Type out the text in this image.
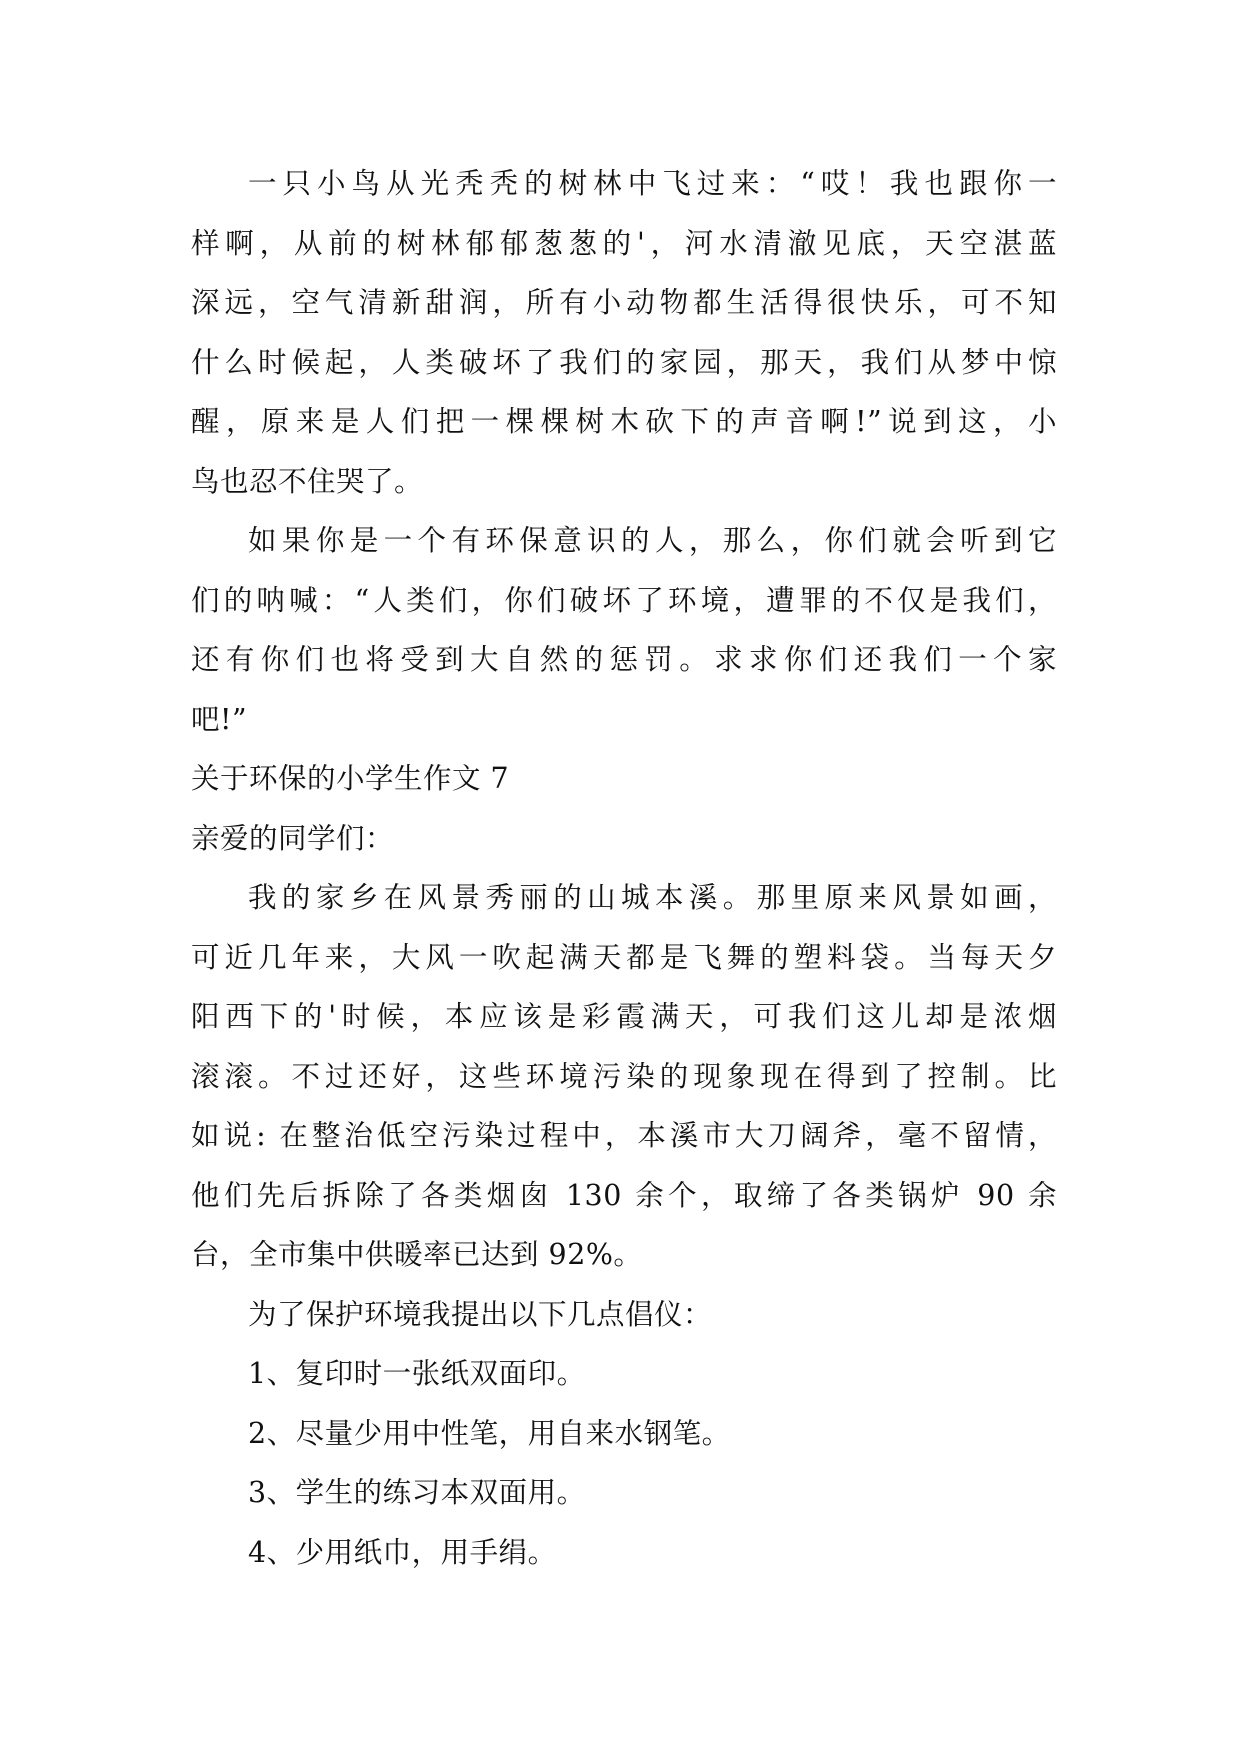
一只小鸟从光秃秃的树林中飞过来：“哎！我也跟你一
样啊，从前的树林郁郁葱葱的'，河水清澈见底，天空湛蓝
深远，空气清新甜润，所有小动物都生活得很快乐，可不知
什么时候起，人类破坏了我们的家园，那天，我们从梦中惊
醒，原来是人们把一棵棵树木砍下的声音啊!”说到这，小
鸟也忍不住哭了。
如果你是一个有环保意识的人，那么，你们就会听到它
们的呐喊：“人类们，你们破坏了环境，遭罪的不仅是我们，
还有你们也将受到大自然的惩罚。求求你们还我们一个家
吧!”
关于环保的小学生作文 7
亲爱的同学们：
我的家乡在风景秀丽的山城本溪。那里原来风景如画，
可近几年来，大风一吹起满天都是飞舞的塑料袋。当每天夕
阳西下的'时候，本应该是彩霞满天，可我们这儿却是浓烟
滚滚。不过还好，这些环境污染的现象现在得到了控制。比
如说: 在整治低空污染过程中，本溪市大刀阔斧，毫不留情，
他们先后拆除了各类烟囱 130 余个，取缔了各类锅炉 90 余
台，全市集中供暖率已达到 92%。
为了保护环境我提出以下几点倡仪：
1、复印时一张纸双面印。
2、尽量少用中性笔，用自来水钢笔。
3、学生的练习本双面用。
4、少用纸巾，用手绢。
